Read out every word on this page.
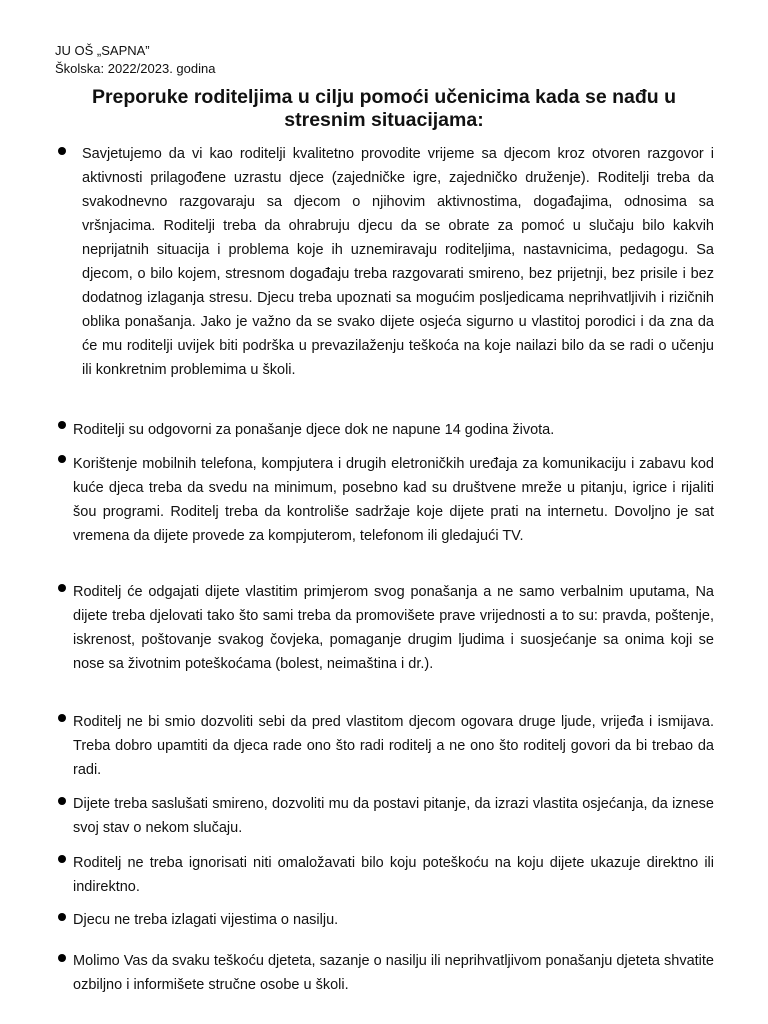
JU OŠ „SAPNA”
Školska: 2022/2023. godina
Preporuke roditeljima u cilju pomoći učenicima kada se nađu u stresnim situacijama:
Savjetujemo da vi kao roditelji kvalitetno provodite vrijeme sa djecom kroz otvoren razgovor i aktivnosti prilagođene uzrastu djece (zajedničke igre, zajedničko druženje). Roditelji treba da svakodnevno razgovaraju sa djecom o njihovim aktivnostima, događajima, odnosima sa vršnjacima. Roditelji treba da ohrabruju djecu da se obrate za pomoć u slučaju bilo kakvih neprijatnih situacija i problema koje ih uznemiravaju roditeljima, nastavnicima, pedagogu. Sa djecom, o bilo kojem, stresnom događaju treba razgovarati smireno, bez prijetnji, bez prisile i bez dodatnog izlaganja stresu. Djecu treba upoznati sa mogućim posljedicama neprihvatljivih i rizičnih oblika ponašanja. Jako je važno da se svako dijete osjeća sigurno u vlastitoj porodici i da zna da će mu roditelji uvijek biti podrška u prevazilaženju teškoća na koje nailazi bilo da se radi o učenju ili konkretnim problemima u školi.
Roditelji su odgovorni za ponašanje djece dok ne napune 14 godina života.
Korištenje mobilnih telefona, kompjutera i drugih eletroničkih uređaja za komunikaciju i zabavu kod kuće djeca treba da svedu na minimum, posebno kad su društvene mreže u pitanju, igrice i rijaliti šou programi. Roditelj treba da kontroliše sadržaje koje dijete prati na internetu. Dovoljno je sat vremena da dijete provede za kompjuterom, telefonom ili gledajući TV.
Roditelj će odgajati dijete vlastitim primjerom svog ponašanja a ne samo verbalnim uputama, Na dijete treba djelovati tako što sami treba da promovišete prave vrijednosti a to su: pravda, poštenje, iskrenost, poštovanje svakog čovjeka, pomaganje drugim ljudima i suosjećanje sa onima koji se nose sa životnim poteškoćama (bolest, neimaština i dr.).
Roditelj ne bi smio dozvoliti sebi da pred vlastitom djecom ogovara druge ljude, vrijeđa i ismijava. Treba dobro upamtiti da djeca rade ono što radi roditelj a ne ono što roditelj govori da bi trebao da radi.
Dijete treba saslušati smireno, dozvoliti mu da postavi pitanje, da izrazi vlastita osjećanja, da iznese svoj stav o nekom slučaju.
Roditelj ne treba ignorisati niti omaložavati bilo koju poteškoću na koju dijete ukazuje direktno ili indirektno.
Djecu ne treba izlagati vijestima o nasilju.
Molimo Vas da svaku teškoću djeteta, sazanje o nasilju ili neprihvatljivom ponašanju djeteta shvatite ozbiljno i informišete stručne osobe u školi.
